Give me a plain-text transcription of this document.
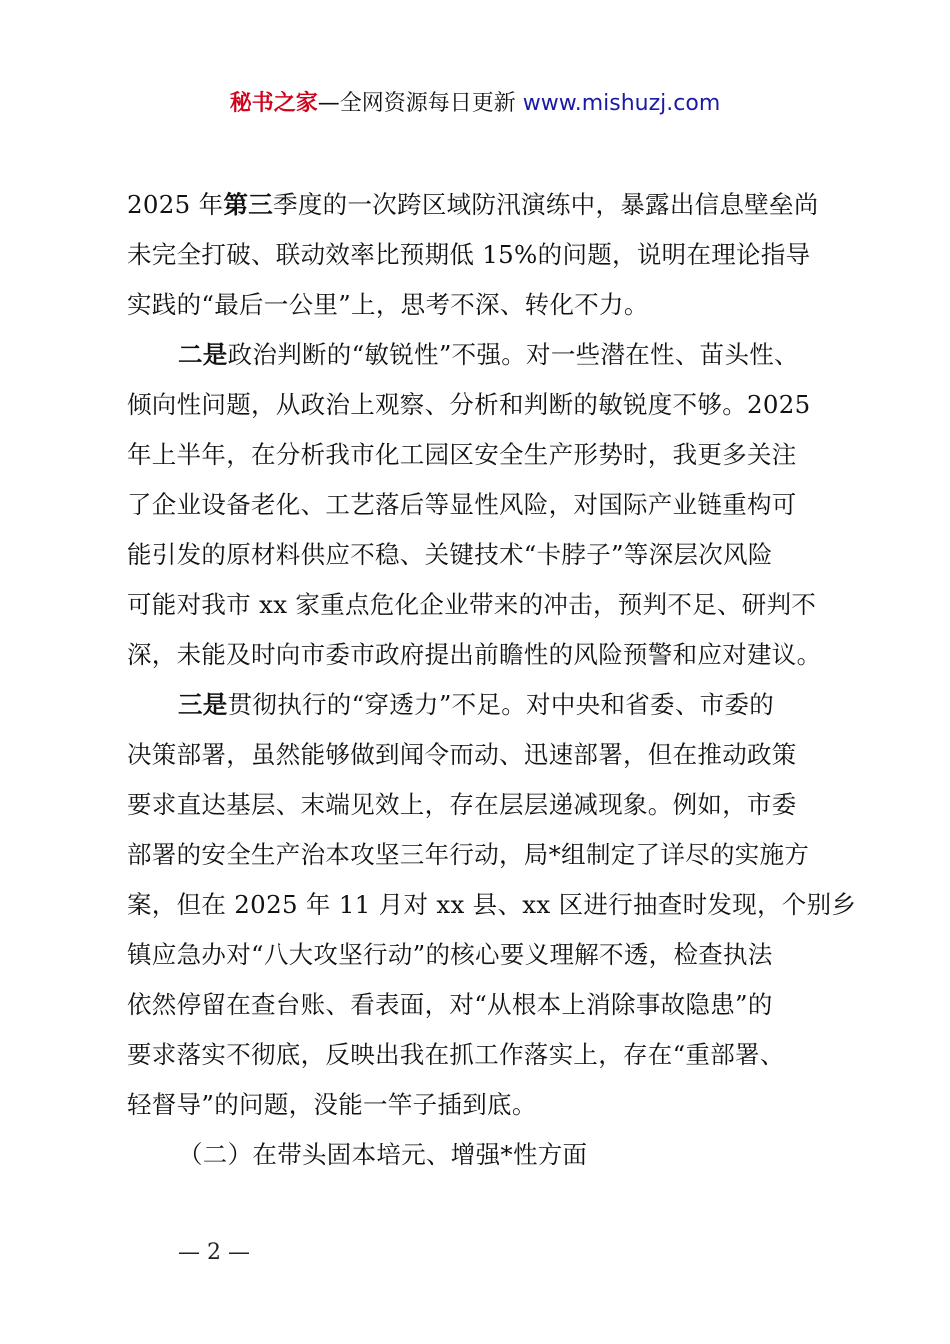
秘书之家—全网资源每日更新 www.mishuzj.com
2025 年第三季度的一次跨区域防汛演练中，暴露出信息壁垒尚
未完全打破、联动效率比预期低 15%的问题，说明在理论指导
实践的“最后一公里”上，思考不深、转化不力。
二是政治判断的“敏锐性”不强。对一些潜在性、苗头性、
倾向性问题，从政治上观察、分析和判断的敏锐度不够。2025
年上半年，在分析我市化工园区安全生产形势时，我更多关注
了企业设备老化、工艺落后等显性风险，对国际产业链重构可
能引发的原材料供应不稳、关键技术“卡脖子”等深层次风险
可能对我市 xx 家重点危化企业带来的冲击，预判不足、研判不
深，未能及时向市委市政府提出前瞻性的风险预警和应对建议。
三是贯彻执行的“穿透力”不足。对中央和省委、市委的
决策部署，虽然能够做到闻令而动、迅速部署，但在推动政策
要求直达基层、末端见效上，存在层层递减现象。例如，市委
部署的安全生产治本攻坚三年行动，局*组制定了详尽的实施方
案，但在 2025 年 11 月对 xx 县、xx 区进行抽查时发现，个别乡
镇应急办对“八大攻坚行动”的核心要义理解不透，检查执法
依然停留在查台账、看表面，对“从根本上消除事故隐患”的
要求落实不彻底，反映出我在抓工作落实上，存在“重部署、
轻督导”的问题，没能一竿子插到底。
（二）在带头固本培元、增强*性方面
— 2 —
